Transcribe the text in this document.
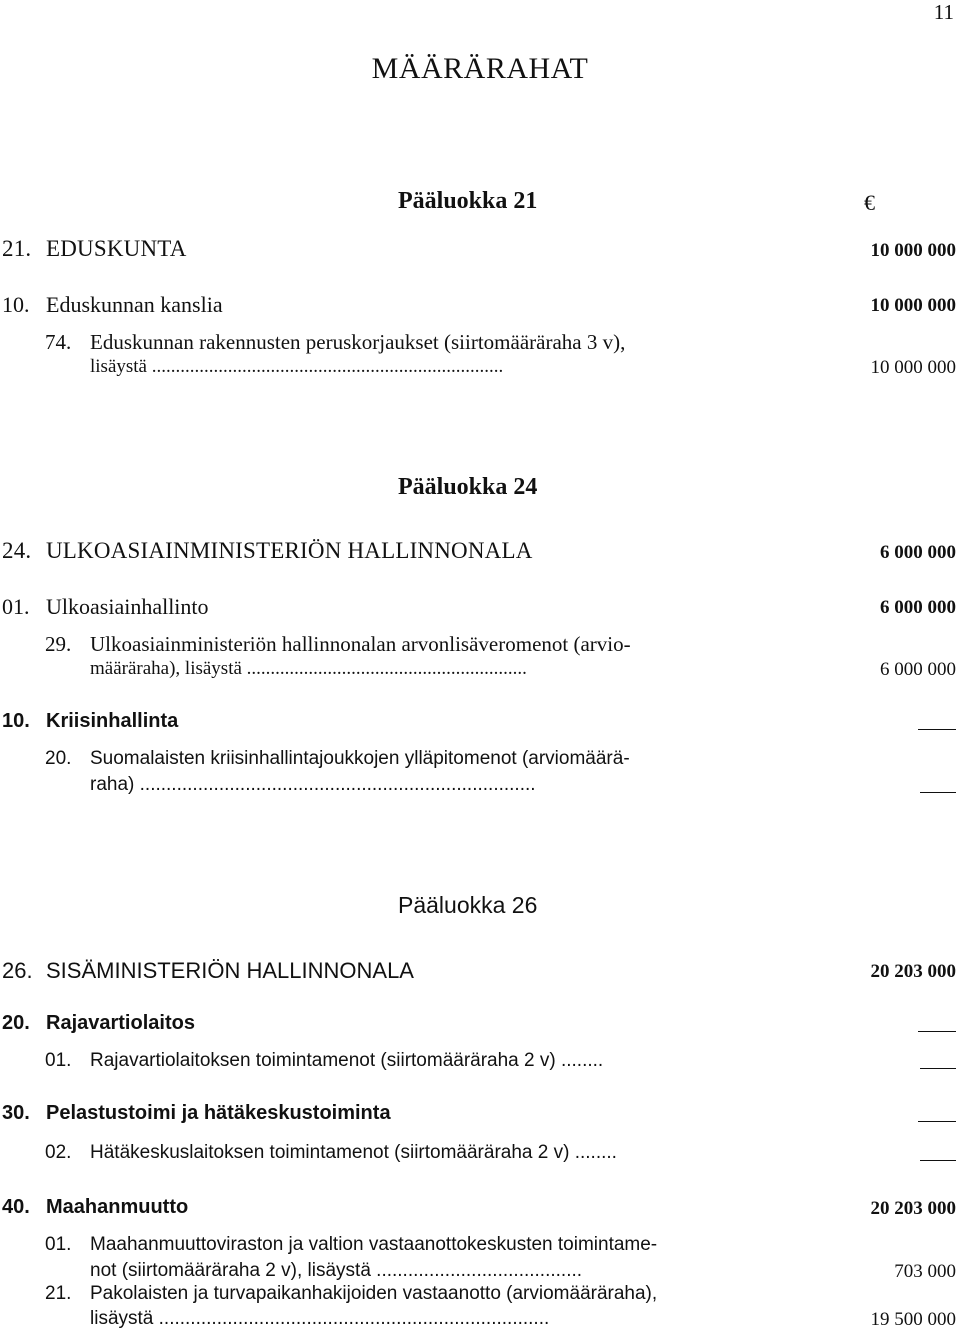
11
MÄÄRÄRAHAT
Pääluokka 21	€
21. EDUSKUNTA	10 000 000
10. Eduskunnan kanslia	10 000 000
74. Eduskunnan rakennusten peruskorjaukset (siirtomääräraha 3 v),
lisäystä ..........................................................................	10 000 000
Pääluokka 24
24. ULKOASIAINMINISTERIÖN HALLINNONALA	6 000 000
01. Ulkoasiainhallinto	6 000 000
29. Ulkoasiainministeriön hallinnonalan arvonlisäveromenot (arvio-
määräraha), lisäystä ...........................................................	6 000 000
10. Kriisinhallinta
20. Suomalaisten kriisinhallintajoukkojen ylläpitomenot (arviomäärä-
raha) ...........................................................................
Pääluokka 26
26. SISÄMINISTERIÖN HALLINNONALA	20 203 000
20. Rajavartiolaitos
01. Rajavartiolaitoksen toimintamenot (siirtomääräraha 2 v) ........
30. Pelastustoimi ja hätäkeskustoiminta
02. Hätäkeskuslaitoksen toimintamenot (siirtomääräraha 2 v) ........
40. Maahanmuutto	20 203 000
01. Maahanmuuttoviraston ja valtion vastaanottokeskusten toimintame-
not (siirtomääräraha 2 v), lisäystä .......................................	703 000
21. Pakolaisten ja turvapaikanhakijoiden vastaanotto (arviomääräraha),
lisäystä ..........................................................................	19 500 000
